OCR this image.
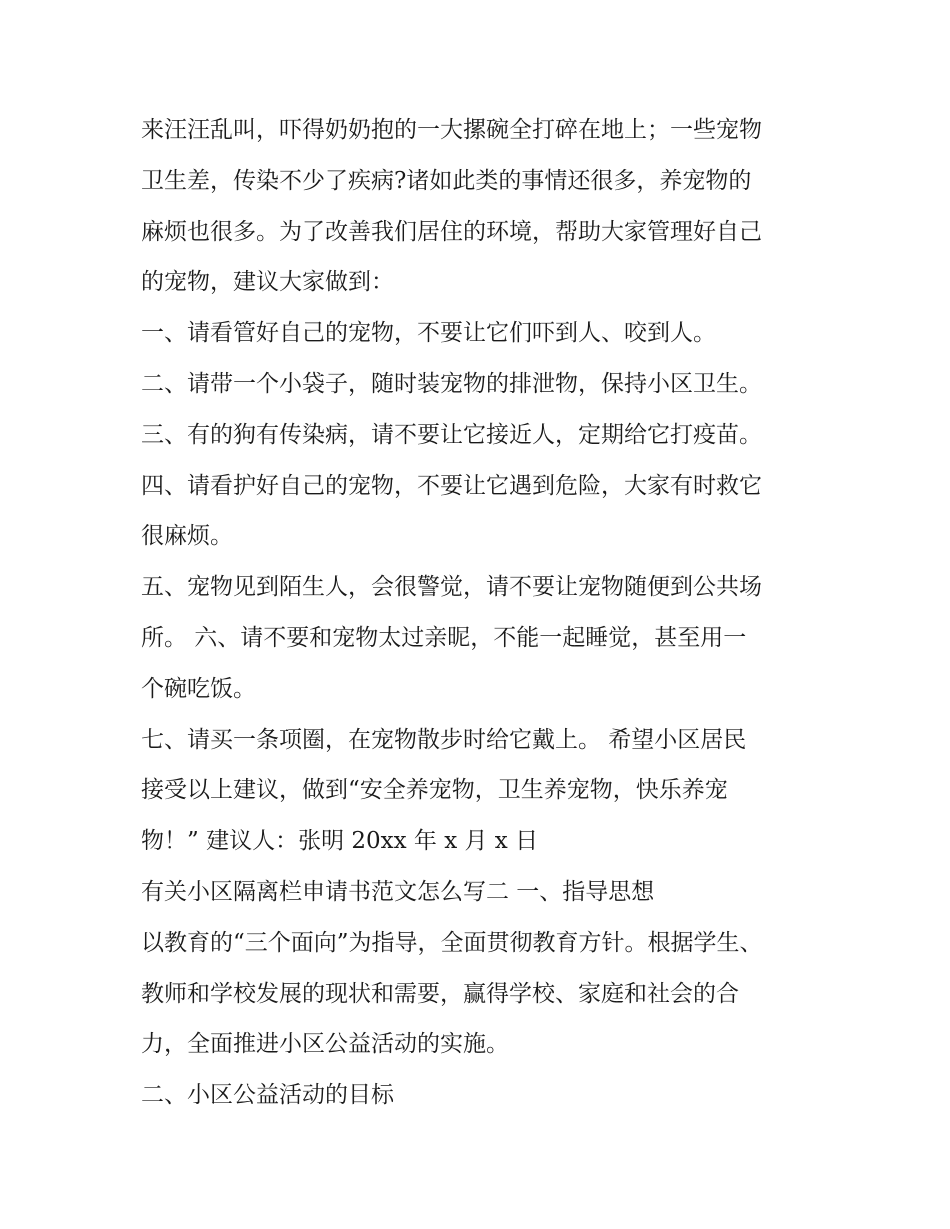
来汪汪乱叫，吓得奶奶抱的一大摞碗全打碎在地上；一些宠物
卫生差，传染不少了疾病?诸如此类的事情还很多，养宠物的
麻烦也很多。为了改善我们居住的环境，帮助大家管理好自己
的宠物，建议大家做到：
一、请看管好自己的宠物，不要让它们吓到人、咬到人。
二、请带一个小袋子，随时装宠物的排泄物，保持小区卫生。
三、有的狗有传染病，请不要让它接近人，定期给它打疫苗。
四、请看护好自己的宠物，不要让它遇到危险，大家有时救它
很麻烦。
五、宠物见到陌生人，会很警觉，请不要让宠物随便到公共场
所。 六、请不要和宠物太过亲昵，不能一起睡觉，甚至用一
个碗吃饭。
七、请买一条项圈，在宠物散步时给它戴上。 希望小区居民
接受以上建议，做到“安全养宠物，卫生养宠物，快乐养宠
物！” 建议人：张明 20xx 年 x 月 x 日
有关小区隔离栏申请书范文怎么写二 一、指导思想
以教育的“三个面向”为指导，全面贯彻教育方针。根据学生、
教师和学校发展的现状和需要，赢得学校、家庭和社会的合
力，全面推进小区公益活动的实施。
二、小区公益活动的目标
